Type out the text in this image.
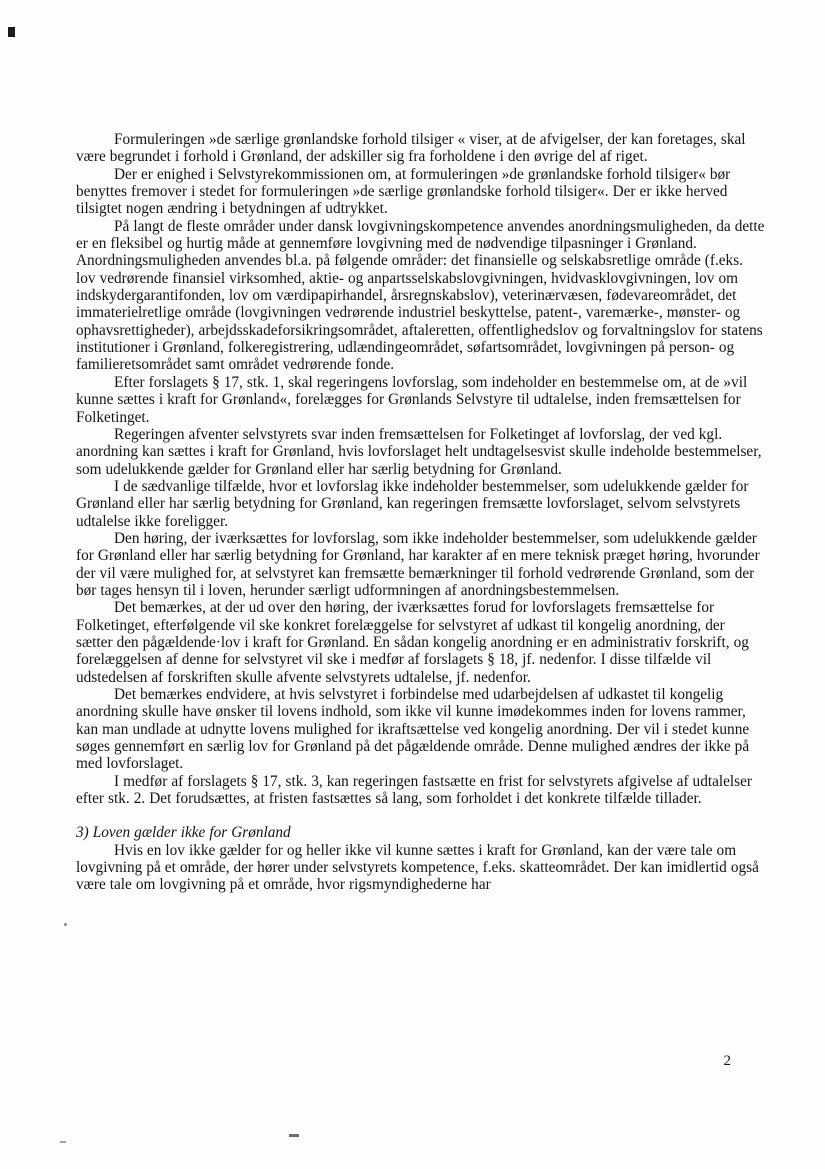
Formuleringen »de særlige grønlandske forhold tilsiger « viser, at de afvigelser, der kan foretages, skal være begrundet i forhold i Grønland, der adskiller sig fra forholdene i den øvrige del af riget.

Der er enighed i Selvstyrekommissionen om, at formuleringen »de grønlandske forhold tilsiger« bør benyttes fremover i stedet for formuleringen »de særlige grønlandske forhold tilsiger«. Der er ikke herved tilsigtet nogen ændring i betydningen af udtrykket.

På langt de fleste områder under dansk lovgivningskompetence anvendes anordningsmuligheden, da dette er en fleksibel og hurtig måde at gennemføre lovgivning med de nødvendige tilpasninger i Grønland. Anordningsmuligheden anvendes bl.a. på følgende områder: det finansielle og selskabsretlige område (f.eks. lov vedrørende finansiel virksomhed, aktie- og anpartsselskabslovgivningen, hvidvasklovgivningen, lov om indskydergarantifonden, lov om værdipapirhandel, årsregnskabslov), veterinærvæsen, fødevareområdet, det immaterielretlige område (lovgivningen vedrørende industriel beskyttelse, patent-, varemærke-, mønster- og ophavsrettigheder), arbejdsskadeforsikringsområdet, aftaleretten, offentlighedslov og forvaltningslov for statens institutioner i Grønland, folkeregistrering, udlændingeområdet, søfartsområdet, lovgivningen på person- og familieretsområdet samt området vedrørende fonde.

Efter forslagets § 17, stk. 1, skal regeringens lovforslag, som indeholder en bestemmelse om, at de »vil kunne sættes i kraft for Grønland«, forelægges for Grønlands Selvstyre til udtalelse, inden fremsættelsen for Folketinget.

Regeringen afventer selvstyrets svar inden fremsættelsen for Folketinget af lovforslag, der ved kgl. anordning kan sættes i kraft for Grønland, hvis lovforslaget helt undtagelsesvist skulle indeholde bestemmelser, som udelukkende gælder for Grønland eller har særlig betydning for Grønland.

I de sædvanlige tilfælde, hvor et lovforslag ikke indeholder bestemmelser, som udelukkende gælder for Grønland eller har særlig betydning for Grønland, kan regeringen fremsætte lovforslaget, selvom selvstyrets udtalelse ikke foreligger.

Den høring, der iværksættes for lovforslag, som ikke indeholder bestemmelser, som udelukkende gælder for Grønland eller har særlig betydning for Grønland, har karakter af en mere teknisk præget høring, hvorunder der vil være mulighed for, at selvstyret kan fremsætte bemærkninger til forhold vedrørende Grønland, som der bør tages hensyn til i loven, herunder særligt udformningen af anordningsbestemmelsen.

Det bemærkes, at der ud over den høring, der iværksættes forud for lovforslagets fremsættelse for Folketinget, efterfølgende vil ske konkret forelæggelse for selvstyret af udkast til kongelig anordning, der sætter den pågældende·lov i kraft for Grønland. En sådan kongelig anordning er en administrativ forskrift, og forelæggelsen af denne for selvstyret vil ske i medfør af forslagets § 18, jf. nedenfor. I disse tilfælde vil udstedelsen af forskriften skulle afvente selvstyrets udtalelse, jf. nedenfor.

Det bemærkes endvidere, at hvis selvstyret i forbindelse med udarbejdelsen af udkastet til kongelig anordning skulle have ønsker til lovens indhold, som ikke vil kunne imødekommes inden for lovens rammer, kan man undlade at udnytte lovens mulighed for ikraftsættelse ved kongelig anordning. Der vil i stedet kunne søges gennemført en særlig lov for Grønland på det pågældende område. Denne mulighed ændres der ikke på med lovforslaget.

I medfør af forslagets § 17, stk. 3, kan regeringen fastsætte en frist for selvstyrets afgivelse af udtalelser efter stk. 2. Det forudsættes, at fristen fastsættes så lang, som forholdet i det konkrete tilfælde tillader.

3) Loven gælder ikke for Grønland

Hvis en lov ikke gælder for og heller ikke vil kunne sættes i kraft for Grønland, kan der være tale om lovgivning på et område, der hører under selvstyrets kompetence, f.eks. skatteområdet. Der kan imidlertid også være tale om lovgivning på et område, hvor rigsmyndighederne har

2
